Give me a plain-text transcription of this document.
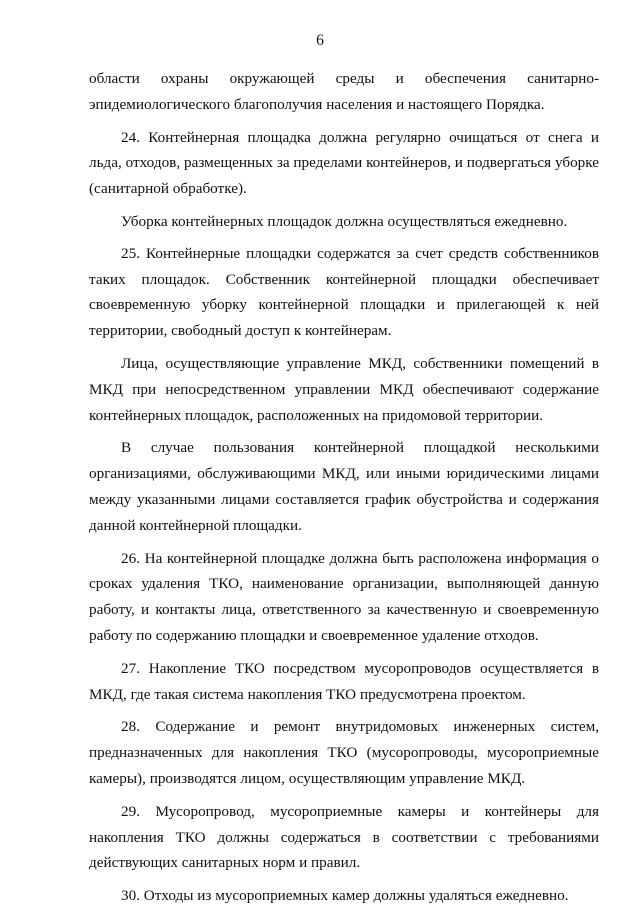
6

области охраны окружающей среды и обеспечения санитарно-эпидемиологического благополучия населения и настоящего Порядка.

24. Контейнерная площадка должна регулярно очищаться от снега и льда, отходов, размещенных за пределами контейнеров, и подвергаться уборке (санитарной обработке).

Уборка контейнерных площадок должна осуществляться ежедневно.

25. Контейнерные площадки содержатся за счет средств собственников таких площадок. Собственник контейнерной площадки обеспечивает своевременную уборку контейнерной площадки и прилегающей к ней территории, свободный доступ к контейнерам.

Лица, осуществляющие управление МКД, собственники помещений в МКД при непосредственном управлении МКД обеспечивают содержание контейнерных площадок, расположенных на придомовой территории.

В случае пользования контейнерной площадкой несколькими организациями, обслуживающими МКД, или иными юридическими лицами между указанными лицами составляется график обустройства и содержания данной контейнерной площадки.

26. На контейнерной площадке должна быть расположена информация о сроках удаления ТКО, наименование организации, выполняющей данную работу, и контакты лица, ответственного за качественную и своевременную работу по содержанию площадки и своевременное удаление отходов.

27. Накопление ТКО посредством мусоропроводов осуществляется в МКД, где такая система накопления ТКО предусмотрена проектом.

28. Содержание и ремонт внутридомовых инженерных систем, предназначенных для накопления ТКО (мусоропроводы, мусороприемные камеры), производятся лицом, осуществляющим управление МКД.

29. Мусоропровод, мусороприемные камеры и контейнеры для накопления ТКО должны содержаться в соответствии с требованиями действующих санитарных норм и правил.

30. Отходы из мусороприемных камер должны удаляться ежедневно.
